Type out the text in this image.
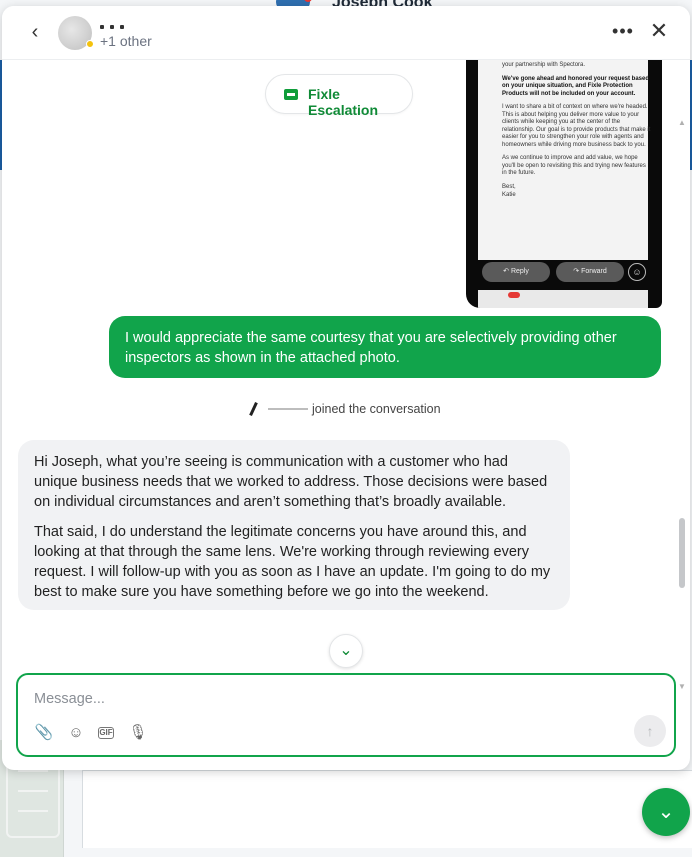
‹	+1 other	••• ✕
Fixle Escalation

your partnership with Spectora.

We've gone ahead and honored your request based on your unique situation, and Fixle Protection Products will not be included on your account.

I want to share a bit of context on where we're headed. This is about helping you deliver more value to your clients while keeping you at the center of the relationship. Our goal is to provide products that make it easier for you to strengthen your role with agents and homeowners while driving more business back to you.

As we continue to improve and add value, we hope you'll be open to revisiting this and trying new features in the future.

Best,

Katie

↶ Reply	↷ Forward	☺
I would appreciate the same courtesy that you are selectively providing other inspectors as shown in the attached photo.
joined the conversation

Hi Joseph, what you’re seeing is communication with a customer who had unique business needs that we worked to address. Those decisions were based on individual circumstances and aren’t something that’s broadly available.

That said, I do understand the legitimate concerns you have around this, and looking at that through the same lens. We're working through reviewing every request. I will follow-up with you as soon as I have an update. I'm going to do my best to make sure you have something before we go into the weekend.

⌄
▲
▼
Message...
📎 ☺ GIF 🎙	↑
⌄
